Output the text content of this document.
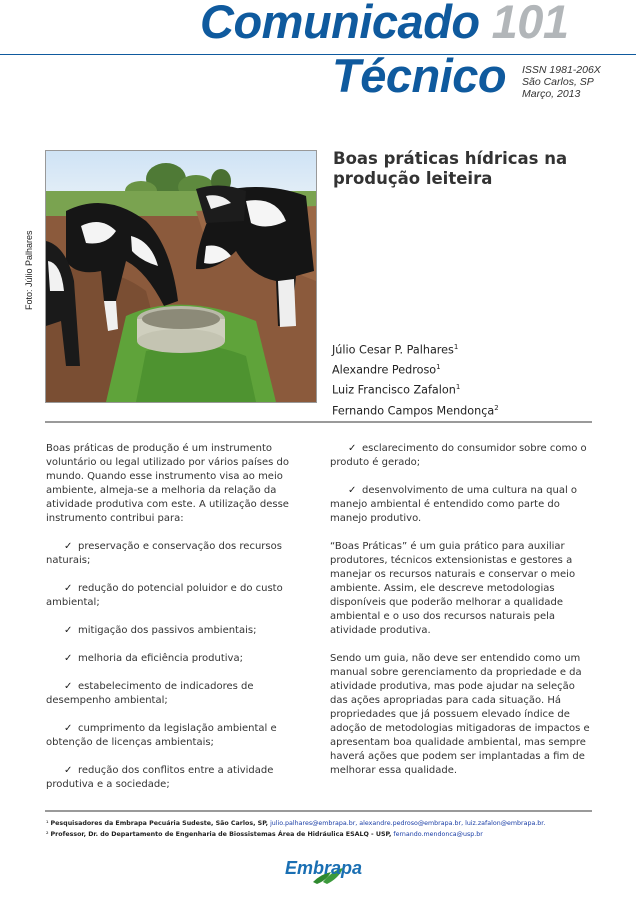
Comunicado 101
Técnico ISSN 1981-206X
São Carlos, SP
Março, 2013
Foto: Júlio Palhares
Boas práticas hídricas na produção leiteira
Júlio Cesar P. Palhares$^1$
Alexandre Pedroso$^1$
Luiz Francisco Zafalon$^1$
Fernando Campos Mendonça$^2$

Boas práticas de produção é um instrumento voluntário ou legal utilizado por vários países do mundo. Quando esse instrumento visa ao meio ambiente, almeja-se a melhoria da relação da atividade produtiva com este. A utilização desse instrumento contribui para:

✓ preservação e conservação dos recursos naturais;

✓ redução do potencial poluidor e do custo ambiental;

✓ mitigação dos passivos ambientais;

✓ melhoria da eficiência produtiva;

✓ estabelecimento de indicadores de desempenho ambiental;

✓ cumprimento da legislação ambiental e obtenção de licenças ambientais;

✓ redução dos conflitos entre a atividade produtiva e a sociedade;

✓ esclarecimento do consumidor sobre como o produto é gerado;

✓ desenvolvimento de uma cultura na qual o manejo ambiental é entendido como parte do manejo produtivo.

“Boas Práticas” é um guia prático para auxiliar produtores, técnicos extensionistas e gestores a manejar os recursos naturais e conservar o meio ambiente. Assim, ele descreve metodologias disponíveis que poderão melhorar a qualidade ambiental e o uso dos recursos naturais pela atividade produtiva.

Sendo um guia, não deve ser entendido como um manual sobre gerenciamento da propriedade e da atividade produtiva, mas pode ajudar na seleção das ações apropriadas para cada situação. Há propriedades que já possuem elevado índice de adoção de metodologias mitigadoras de impactos e apresentam boa qualidade ambiental, mas sempre haverá ações que podem ser implantadas a fim de melhorar essa qualidade.

¹ Pesquisadores da Embrapa Pecuária Sudeste, São Carlos, SP, julio.palhares@embrapa.br, alexandre.pedroso@embrapa.br, luiz.zafalon@embrapa.br.
² Professor, Dr. do Departamento de Engenharia de Biossistemas Área de Hidráulica ESALQ - USP, fernando.mendonca@usp.br
Embrapa
